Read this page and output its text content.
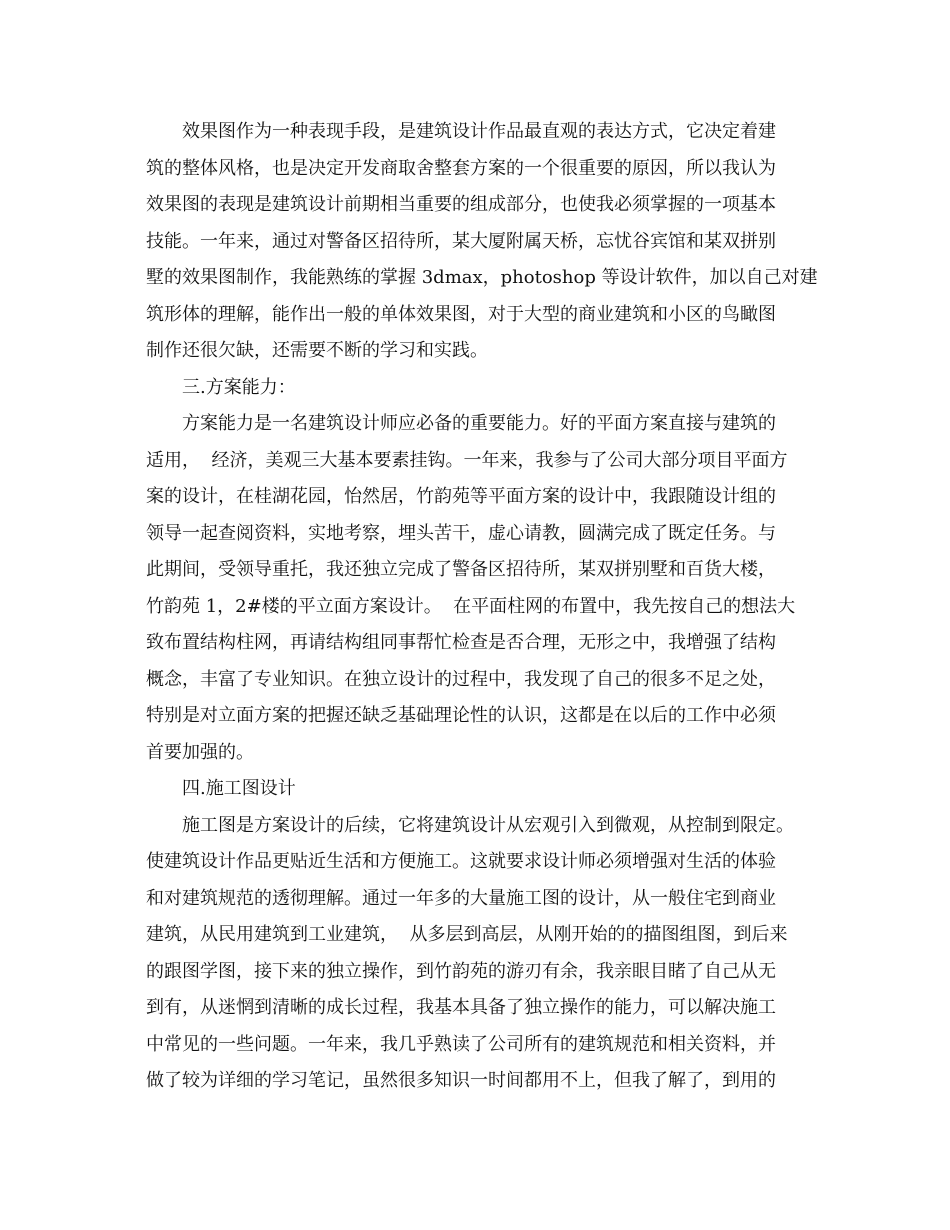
效果图作为一种表现手段，是建筑设计作品最直观的表达方式，它决定着建
筑的整体风格，也是决定开发商取舍整套方案的一个很重要的原因，所以我认为
效果图的表现是建筑设计前期相当重要的组成部分，也使我必须掌握的一项基本
技能。一年来，通过对警备区招待所，某大厦附属天桥，忘忧谷宾馆和某双拼别
墅的效果图制作，我能熟练的掌握 3dmax，photoshop 等设计软件，加以自己对建
筑形体的理解，能作出一般的单体效果图，对于大型的商业建筑和小区的鸟瞰图
制作还很欠缺，还需要不断的学习和实践。
三.方案能力：
方案能力是一名建筑设计师应必备的重要能力。好的平面方案直接与建筑的
适用，  经济，美观三大基本要素挂钩。一年来，我参与了公司大部分项目平面方
案的设计，在桂湖花园，怡然居，竹韵苑等平面方案的设计中，我跟随设计组的
领导一起查阅资料，实地考察，埋头苦干，虚心请教，圆满完成了既定任务。与
此期间，受领导重托，我还独立完成了警备区招待所，某双拼别墅和百货大楼，
竹韵苑 1，2#楼的平立面方案设计。  在平面柱网的布置中，我先按自己的想法大
致布置结构柱网，再请结构组同事帮忙检查是否合理，无形之中，我增强了结构
概念，丰富了专业知识。在独立设计的过程中，我发现了自己的很多不足之处，
特别是对立面方案的把握还缺乏基础理论性的认识，这都是在以后的工作中必须
首要加强的。
四.施工图设计
施工图是方案设计的后续，它将建筑设计从宏观引入到微观，从控制到限定。
使建筑设计作品更贴近生活和方便施工。这就要求设计师必须增强对生活的体验
和对建筑规范的透彻理解。通过一年多的大量施工图的设计，从一般住宅到商业
建筑，从民用建筑到工业建筑，  从多层到高层，从刚开始的的描图组图，到后来
的跟图学图，接下来的独立操作，到竹韵苑的游刃有余，我亲眼目睹了自己从无
到有，从迷惘到清晰的成长过程，我基本具备了独立操作的能力，可以解决施工
中常见的一些问题。一年来，我几乎熟读了公司所有的建筑规范和相关资料，并
做了较为详细的学习笔记，虽然很多知识一时间都用不上，但我了解了，到用的
